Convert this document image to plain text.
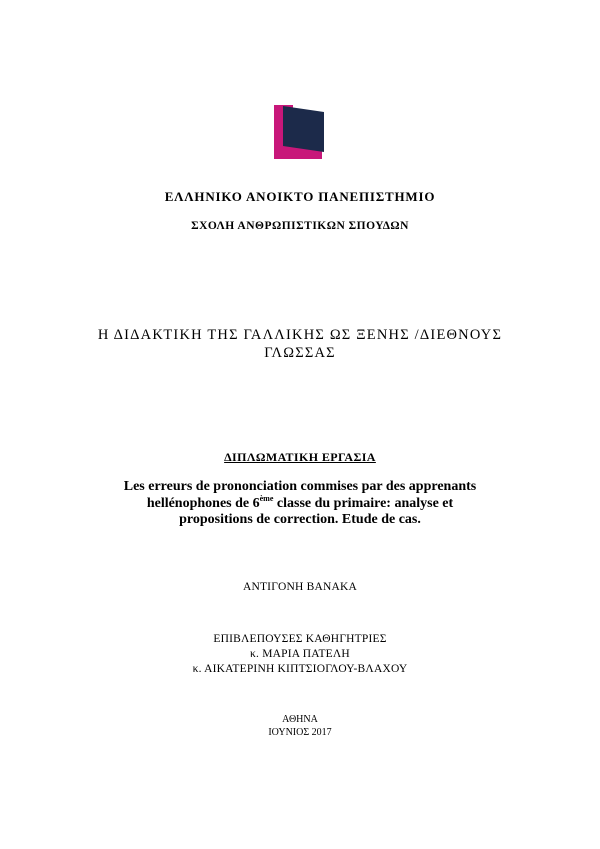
ΕΛΛΗΝΙΚΟ ΑΝΟΙΚΤΟ ΠΑΝΕΠΙΣΤΗΜΙΟ

ΣΧΟΛΗ ΑΝΘΡΩΠΙΣΤΙΚΩΝ ΣΠΟΥΔΩΝ

Η ΔΙΔΑΚΤΙΚΗ ΤΗΣ ΓΑΛΛΙΚΗΣ ΩΣ ΞΕΝΗΣ /ΔΙΕΘΝΟΥΣ
ΓΛΩΣΣΑΣ

ΔΙΠΛΩΜΑΤΙΚΗ ΕΡΓΑΣΙΑ

Les erreurs de prononciation commises par des apprenants
hellénophones de 6ème classe du primaire: analyse et
propositions de correction. Etude de cas.

ΑΝΤΙΓΟΝΗ ΒΑΝΑΚΑ

ΕΠΙΒΛΕΠΟΥΣΕΣ ΚΑΘΗΓΗΤΡΙΕΣ
κ. ΜΑΡΙΑ ΠΑΤΕΛΗ
κ. ΑΙΚΑΤΕΡΙΝΗ ΚΙΠΤΣΙΟΓΛΟΥ-ΒΛΑΧΟΥ
ΑΘΗΝΑ
ΙΟΥΝΙΟΣ 2017
